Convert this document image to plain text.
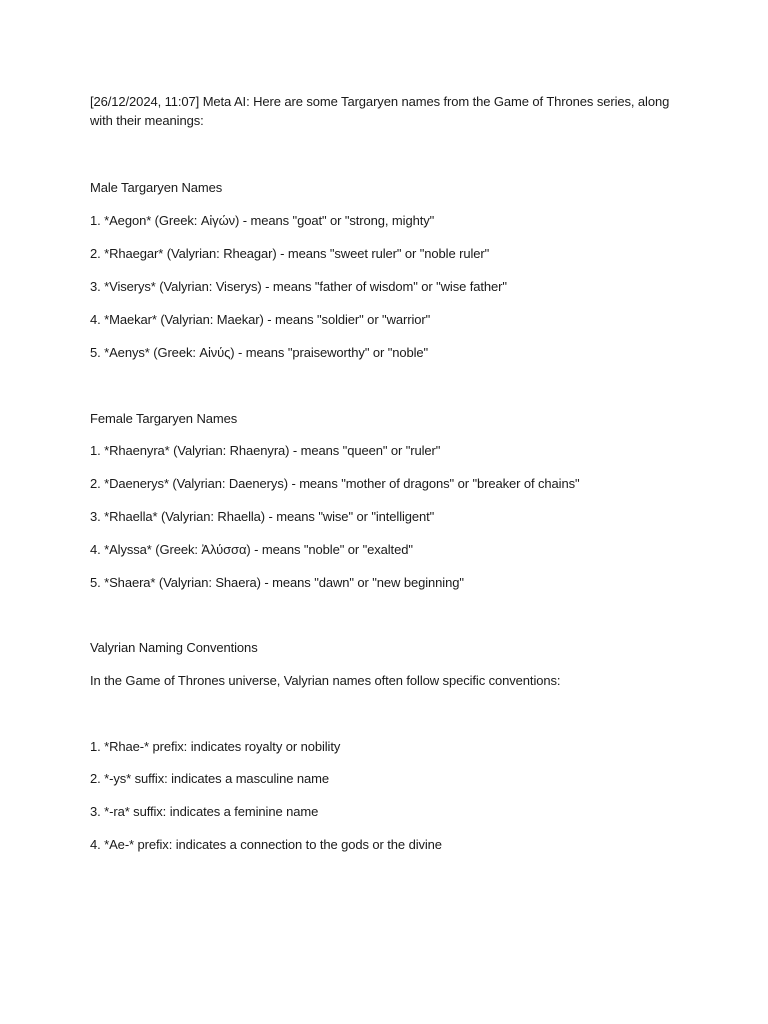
[26/12/2024, 11:07] Meta AI: Here are some Targaryen names from the Game of Thrones series, along
with their meanings:
Male Targaryen Names
1. *Aegon* (Greek: Αἰγών) - means "goat" or "strong, mighty"
2. *Rhaegar* (Valyrian: Rheagar) - means "sweet ruler" or "noble ruler"
3. *Viserys* (Valyrian: Viserys) - means "father of wisdom" or "wise father"
4. *Maekar* (Valyrian: Maekar) - means "soldier" or "warrior"
5. *Aenys* (Greek: Αἰνύς) - means "praiseworthy" or "noble"
Female Targaryen Names
1. *Rhaenyra* (Valyrian: Rhaenyra) - means "queen" or "ruler"
2. *Daenerys* (Valyrian: Daenerys) - means "mother of dragons" or "breaker of chains"
3. *Rhaella* (Valyrian: Rhaella) - means "wise" or "intelligent"
4. *Alyssa* (Greek: Ἀλύσσα) - means "noble" or "exalted"
5. *Shaera* (Valyrian: Shaera) - means "dawn" or "new beginning"
Valyrian Naming Conventions
In the Game of Thrones universe, Valyrian names often follow specific conventions:
1. *Rhae-* prefix: indicates royalty or nobility
2. *-ys* suffix: indicates a masculine name
3. *-ra* suffix: indicates a feminine name
4. *Ae-* prefix: indicates a connection to the gods or the divine
